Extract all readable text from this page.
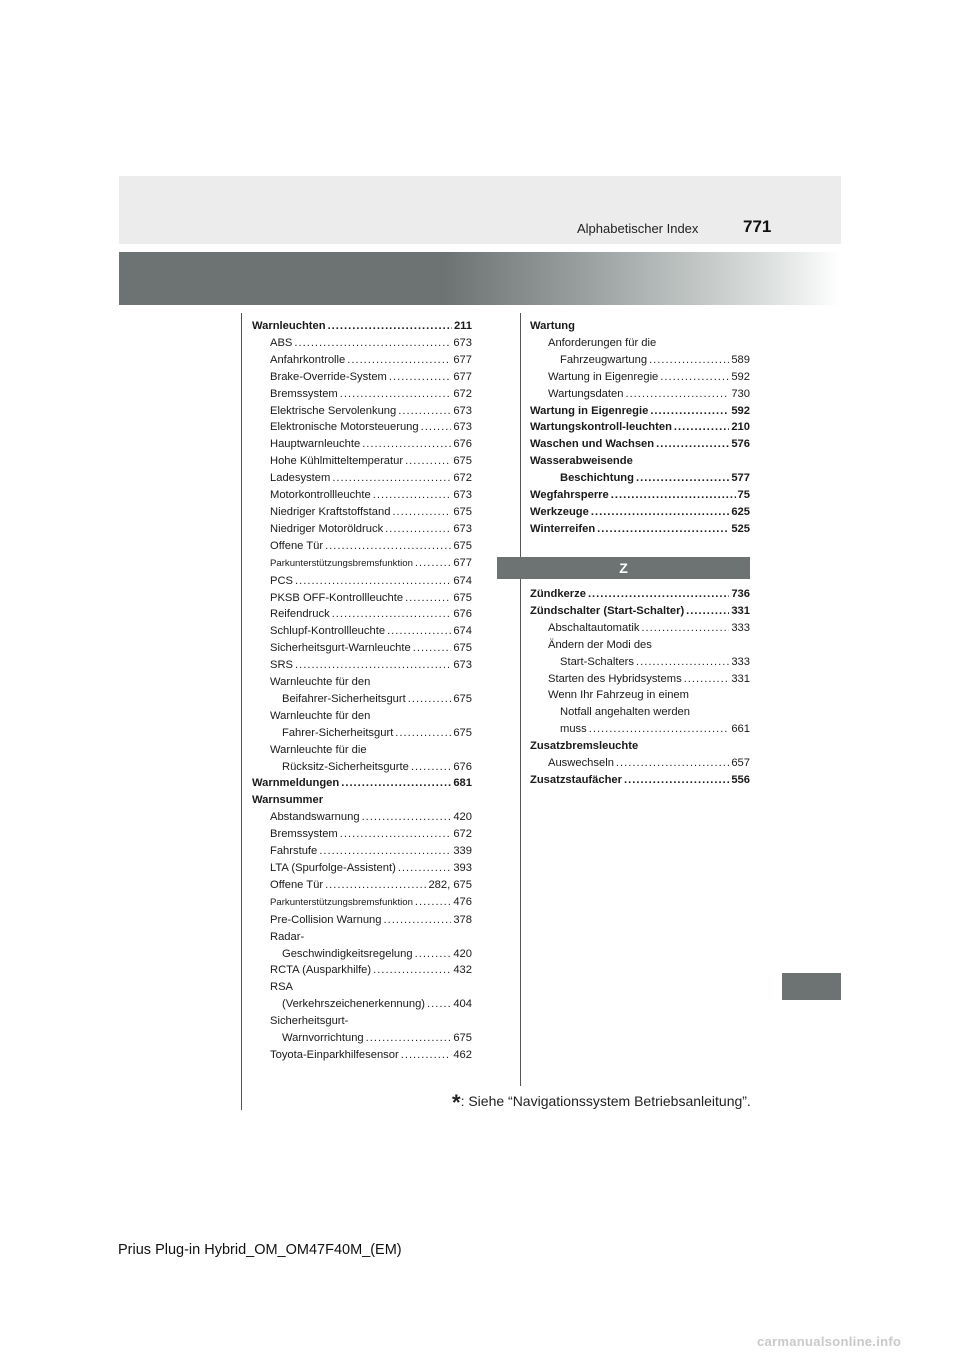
Alphabetischer Index	771
Warnleuchten .....	211
ABS .....	673
Anfahrkontrolle .....	677
Brake-Override-System .....	677
Bremssystem .....	672
Elektrische Servolenkung .....	673
Elektronische Motorsteuerung .....	673
Hauptwarnleuchte .....	676
Hohe Kühlmitteltemperatur .....	675
Ladesystem .....	672
Motorkontrollleuchte .....	673
Niedriger Kraftstoffstand .....	675
Niedriger Motoröldruck .....	673
Offene Tür .....	675
Parkunterstützungsbremsfunktion .....	677
PCS .....	674
PKSB OFF-Kontrollleuchte .....	675
Reifendruck .....	676
Schlupf-Kontrollleuchte .....	674
Sicherheitsgurt-Warnleuchte .....	675
SRS .....	673
Warnleuchte für den
Beifahrer-Sicherheitsgurt .....	675
Warnleuchte für den
Fahrer-Sicherheitsgurt .....	675
Warnleuchte für die
Rücksitz-Sicherheitsgurte .....	676
Warnmeldungen .....	681
Warnsummer
Abstandswarnung .....	420
Bremssystem .....	672
Fahrstufe .....	339
LTA (Spurfolge-Assistent) .....	393
Offene Tür .....	282, 675
Parkunterstützungsbremsfunktion .....	476
Pre-Collision Warnung .....	378
Radar-
Geschwindigkeitsregelung .....	420
RCTA (Ausparkhilfe) .....	432
RSA
(Verkehrszeichenerkennung) .....	404
Sicherheitsgurt-
Warnvorrichtung .....	675
Toyota-Einparkhilfesensor .....	462
Wartung
Anforderungen für die
Fahrzeugwartung .....	589
Wartung in Eigenregie .....	592
Wartungsdaten .....	730
Wartung in Eigenregie .....	592
Wartungskontroll-leuchten .....	210
Waschen und Wachsen .....	576
Wasserabweisende
Beschichtung .....	577
Wegfahrsperre .....	75
Werkzeuge .....	625
Winterreifen .....	525
Z
Zündkerze .....	736
Zündschalter (Start-Schalter) .....	331
Abschaltautomatik .....	333
Ändern der Modi des
Start-Schalters .....	333
Starten des Hybridsystems .....	331
Wenn Ihr Fahrzeug in einem
Notfall angehalten werden
muss .....	661
Zusatzbremsleuchte
Auswechseln .....	657
Zusatzstaufächer .....	556
*: Siehe “Navigationssystem Betriebsanleitung”.
Prius Plug-in Hybrid_OM_OM47F40M_(EM)
carmanualsonline.info
